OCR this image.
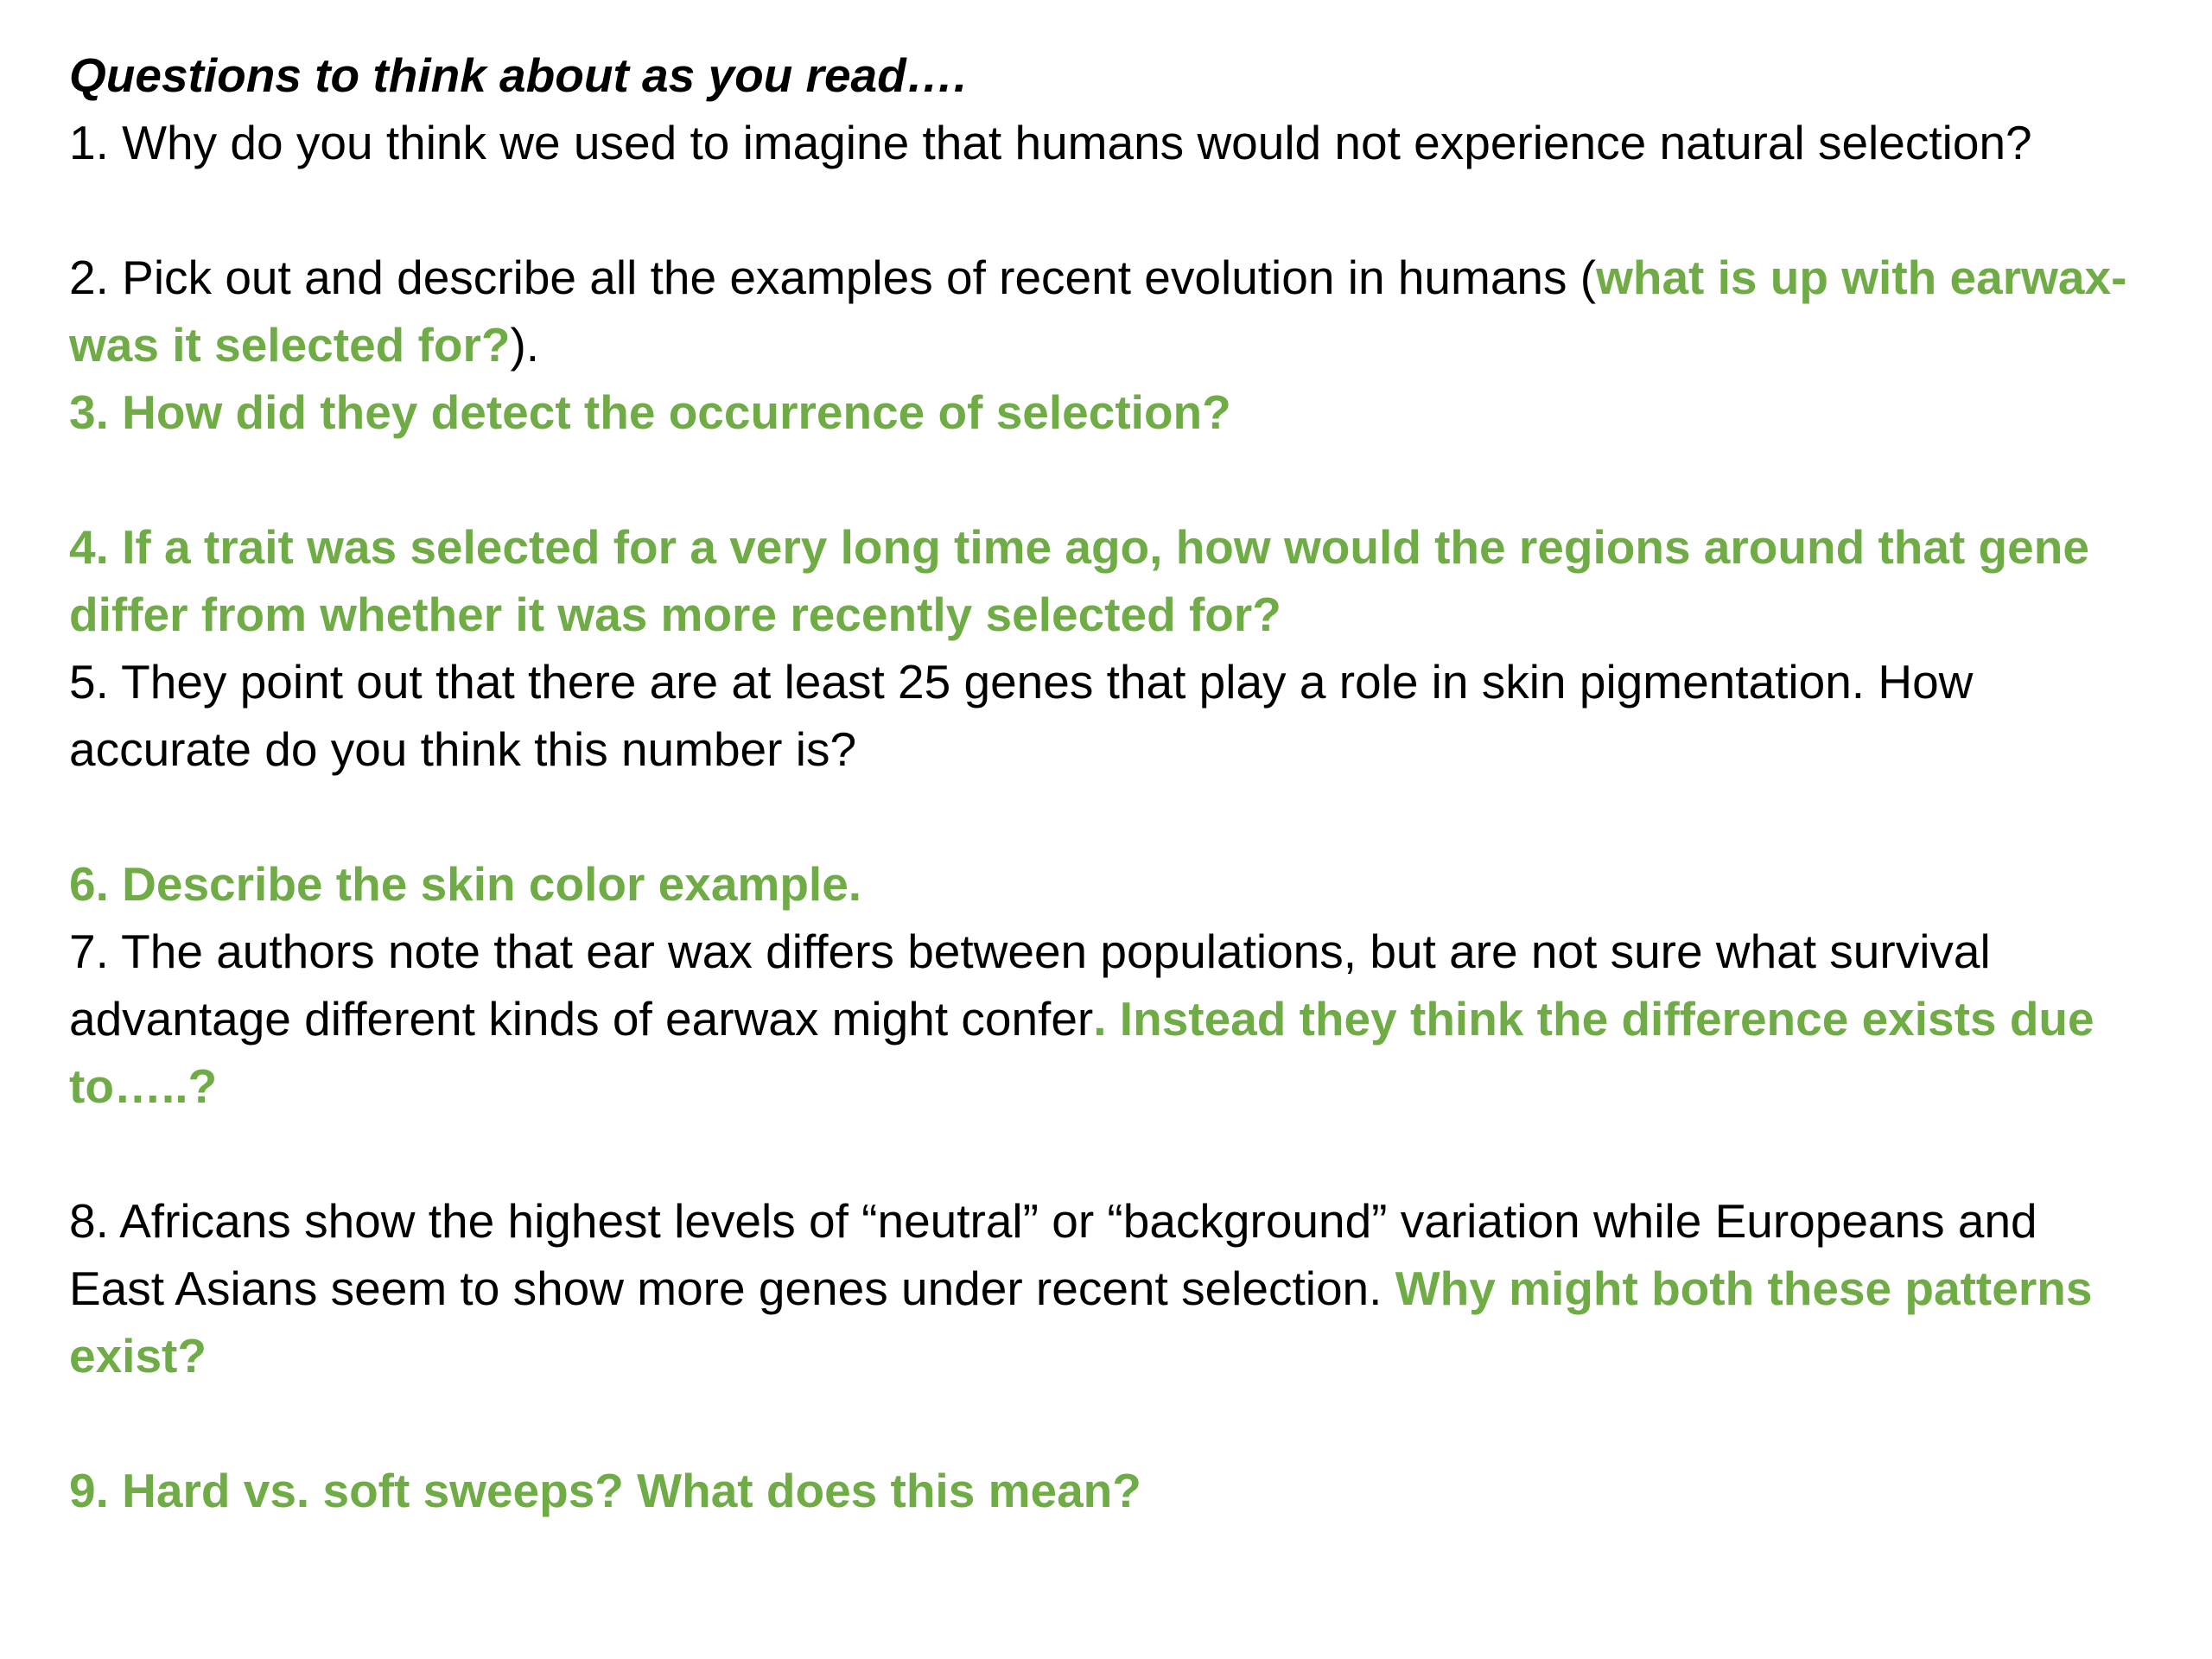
Questions to think about as you read….

1. Why do you think we used to imagine that humans would not experience natural selection?

2. Pick out and describe all the examples of recent evolution in humans (what is up with earwax-was it selected for?).

3. How did they detect the occurrence of selection?

4. If a trait was selected for a very long time ago, how would the regions around that gene differ from whether it was more recently selected for?

5. They point out that there are at least 25 genes that play a role in skin pigmentation. How accurate do you think this number is?

6. Describe the skin color example.

7. The authors note that ear wax differs between populations, but are not sure what survival advantage different kinds of earwax might confer. Instead they think the difference exists due to…..?

8. Africans show the highest levels of “neutral” or “background” variation while Europeans and East Asians seem to show more genes under recent selection. Why might both these patterns exist?

9. Hard vs. soft sweeps? What does this mean?
